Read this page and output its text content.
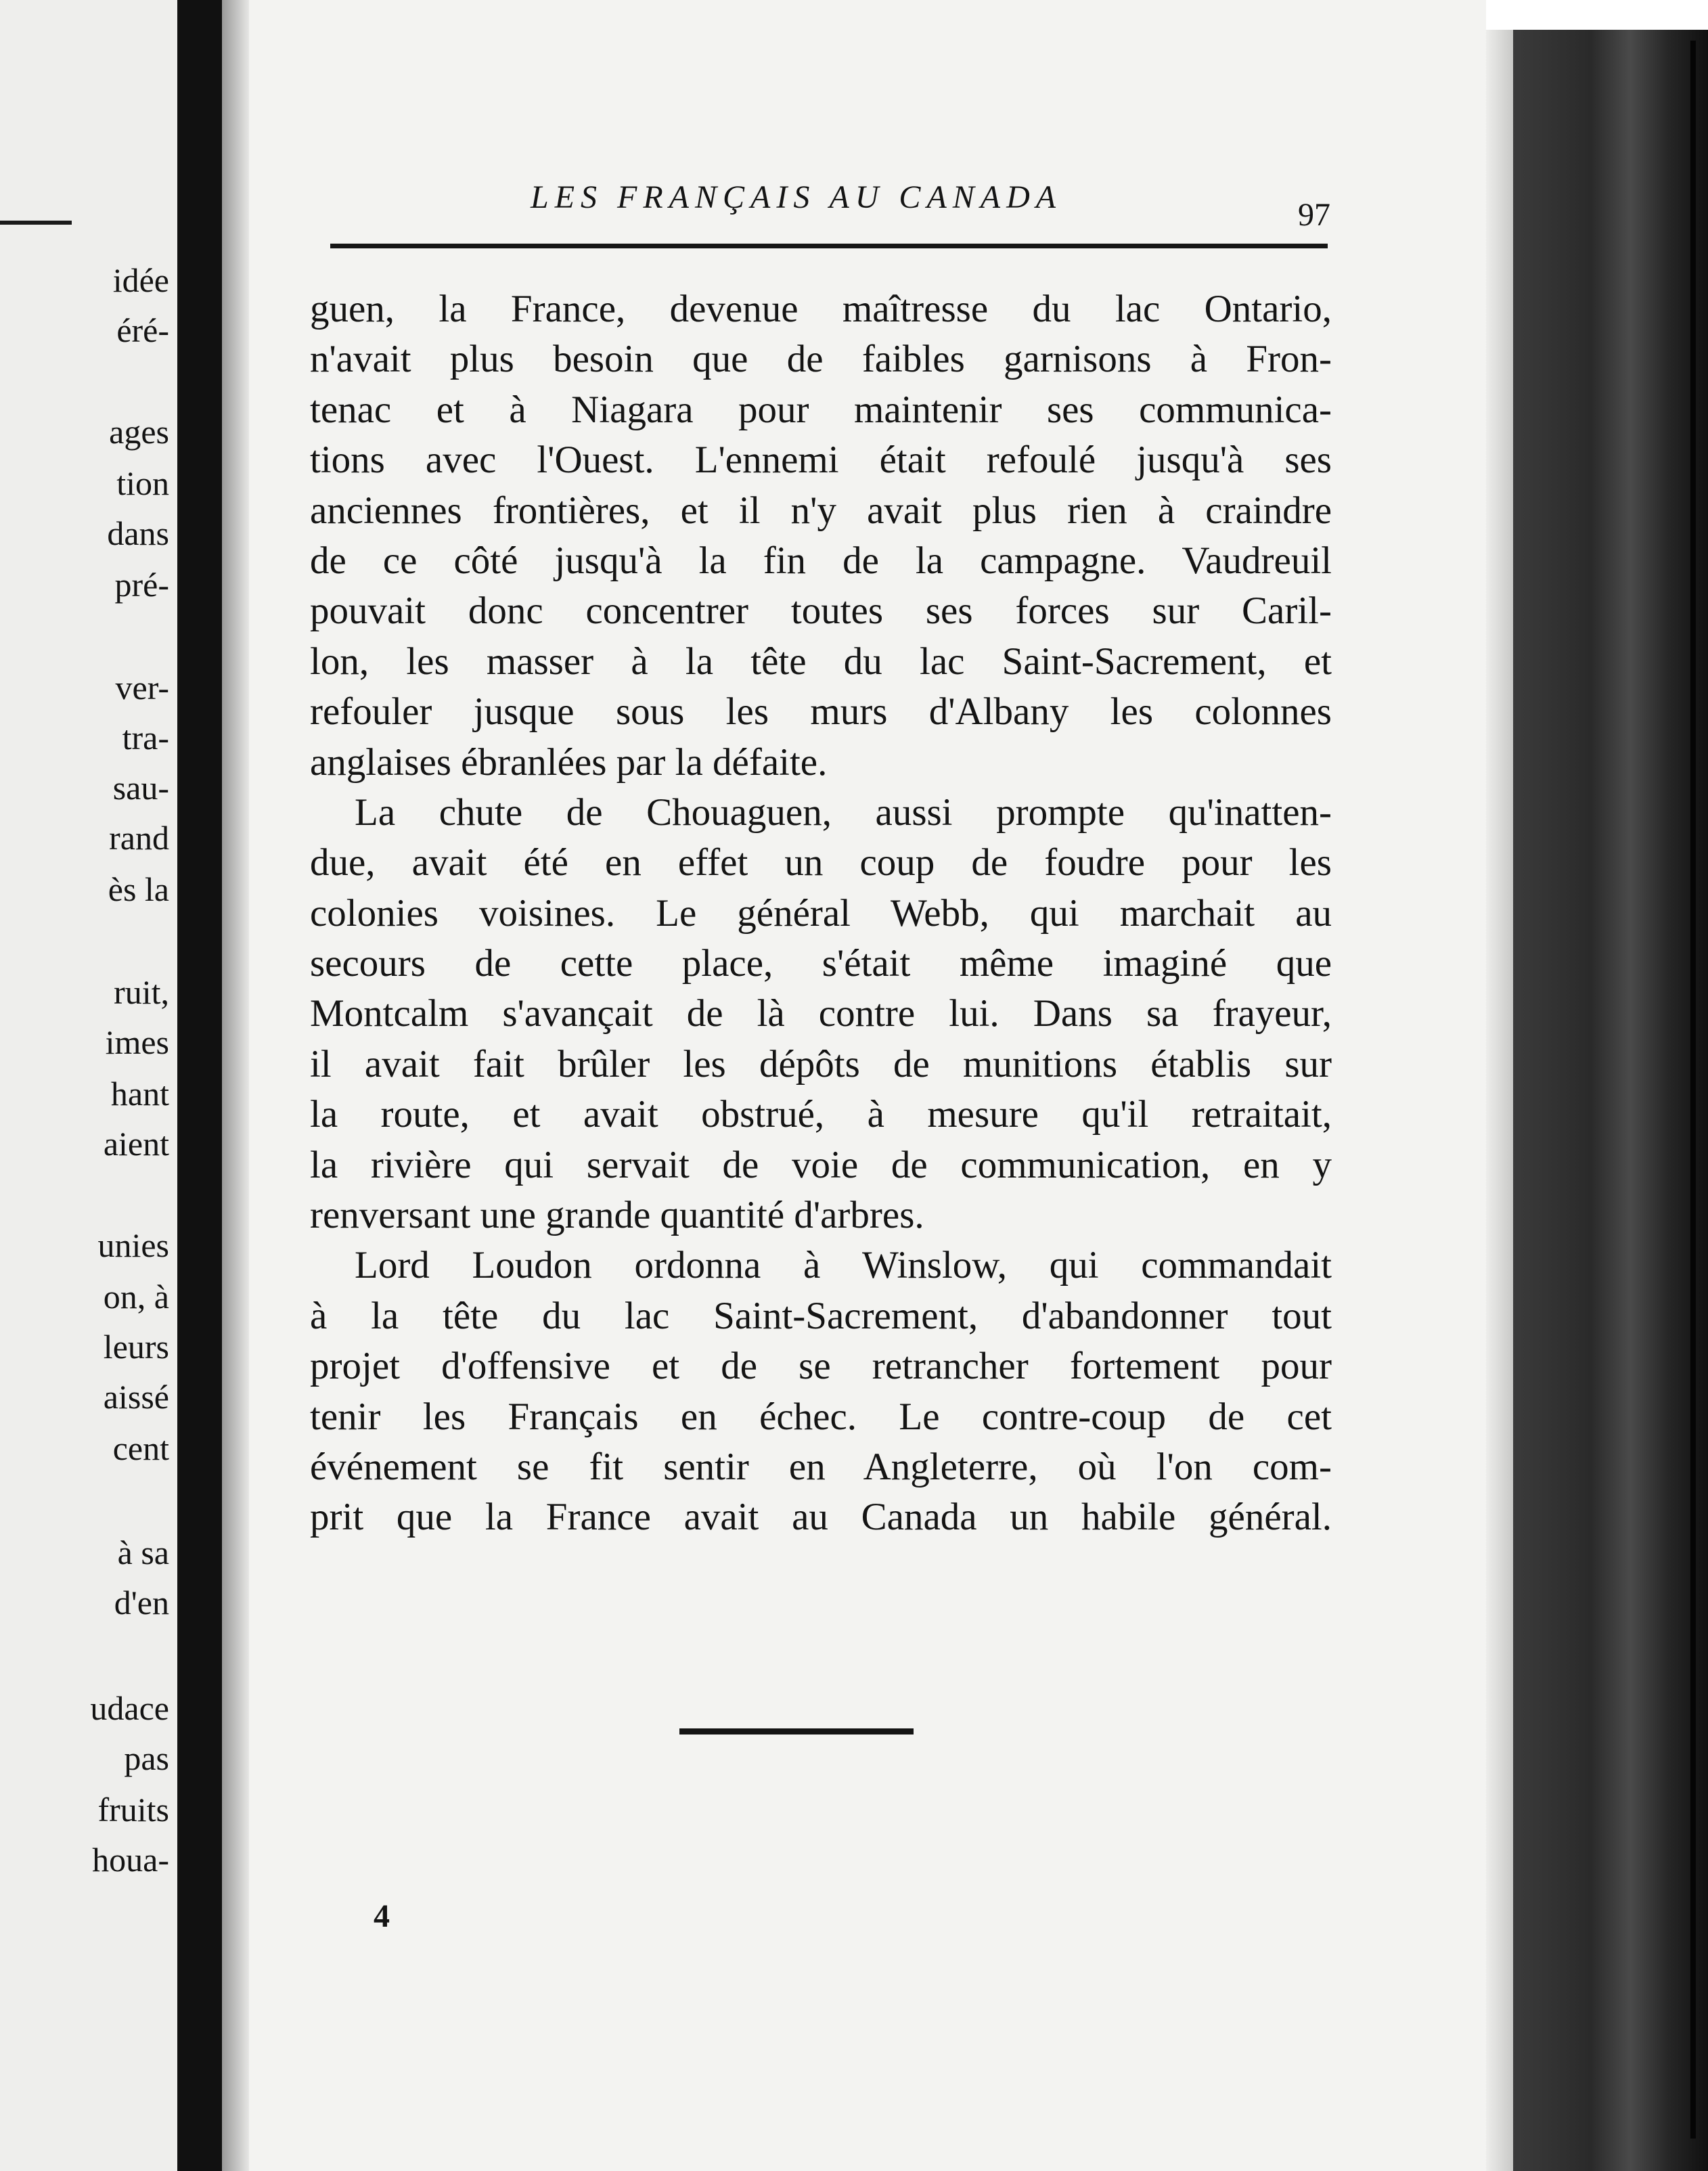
idée
éré-
ages
tion
dans
pré-
ver-
tra-
sau-
rand
ès la
ruit,
imes
hant
aient
unies
on, à
leurs
aissé
cent
à sa
d'en
udace
pas
fruits
houa-
LES FRANÇAIS AU CANADA	97
guen, la France, devenue maîtresse du lac Ontario,
n'avait plus besoin que de faibles garnisons à Fron-
tenac et à Niagara pour maintenir ses communica-
tions avec l'Ouest. L'ennemi était refoulé jusqu'à ses
anciennes frontières, et il n'y avait plus rien à craindre
de ce côté jusqu'à la fin de la campagne. Vaudreuil
pouvait donc concentrer toutes ses forces sur Caril-
lon, les masser à la tête du lac Saint-Sacrement, et
refouler jusque sous les murs d'Albany les colonnes
anglaises ébranlées par la défaite.
La chute de Chouaguen, aussi prompte qu'inatten-
due, avait été en effet un coup de foudre pour les
colonies voisines. Le général Webb, qui marchait au
secours de cette place, s'était même imaginé que
Montcalm s'avançait de là contre lui. Dans sa frayeur,
il avait fait brûler les dépôts de munitions établis sur
la route, et avait obstrué, à mesure qu'il retraitait,
la rivière qui servait de voie de communication, en y
renversant une grande quantité d'arbres.
Lord Loudon ordonna à Winslow, qui commandait
à la tête du lac Saint-Sacrement, d'abandonner tout
projet d'offensive et de se retrancher fortement pour
tenir les Français en échec. Le contre-coup de cet
événement se fit sentir en Angleterre, où l'on com-
prit que la France avait au Canada un habile général.
4
